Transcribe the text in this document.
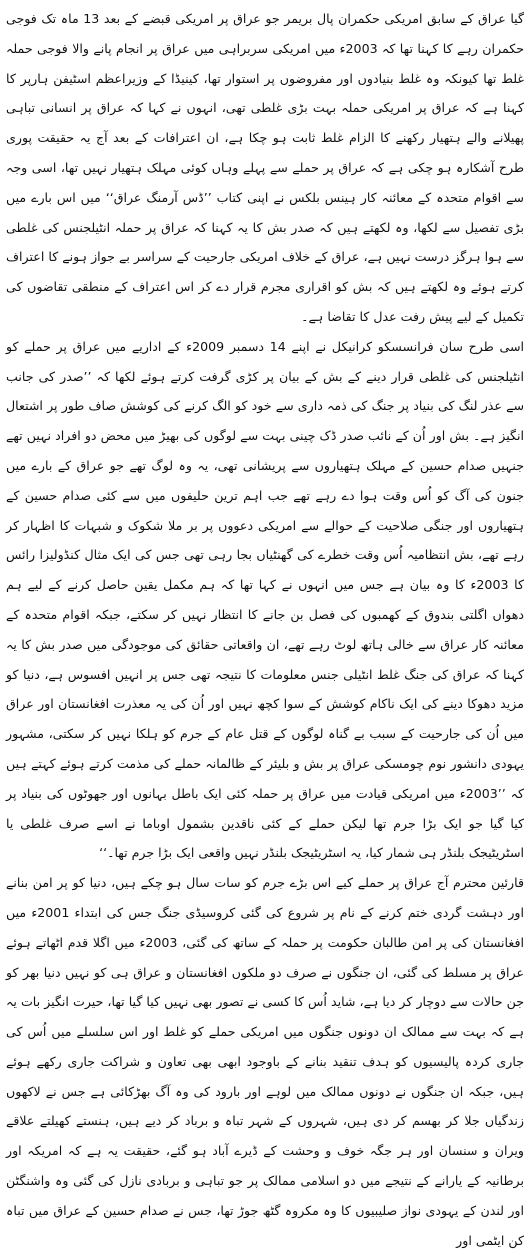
گیا عراق کے سابق امریکی حکمران پال بریمر جو عراق پر امریکی قبضے کے بعد 13 ماہ تک فوجی حکمران رہے کا کہنا تھا کہ 2003ء میں امریکی سربراہی میں عراق پر انجام پانے والا فوجی حملہ غلط تھا کیونکہ وہ غلط بنیادوں اور مفروضوں پر استوار تھا، کینیڈا کے وزیراعظم اسٹیفن ہارپر کا کہنا ہے کہ عراق پر امریکی حملہ بہت بڑی غلطی تھی، انہوں نے کہا کہ عراق پر انسانی تباہی پھیلانے والے ہتھیار رکھنے کا الزام غلط ثابت ہو چکا ہے، ان اعترافات کے بعد آج یہ حقیقت پوری طرح آشکارہ ہو چکی ہے کہ عراق پر حملے سے پہلے وہاں کوئی مہلک ہتھیار نہیں تھا، اسی وجہ سے اقوام متحدہ کے معائنہ کار ہینس بلکس نے اپنی کتاب ’’ڈس آرمنگ عراق‘‘ میں اس بارے میں بڑی تفصیل سے لکھا، وہ لکھتے ہیں کہ صدر بش کا یہ کہنا کہ عراق پر حملہ انٹیلجنس کی غلطی سے ہوا ہرگز درست نہیں ہے، عراق کے خلاف امریکی جارحیت کے سراسر بے جواز ہونے کا اعتراف کرتے ہوئے وہ لکھتے ہیں کہ بش کو اقراری مجرم قرار دے کر اس اعتراف کے منطقی تقاضوں کی تکمیل کے لیے پیش رفت عدل کا تقاضا ہے۔

اسی طرح سان فرانسسکو کرانیکل نے اپنے 14 دسمبر 2009ء کے اداریے میں عراق پر حملے کو انٹیلجنس کی غلطی قرار دینے کے بش کے بیان پر کڑی گرفت کرتے ہوئے لکھا کہ ’’صدر کی جانب سے عذر لنگ کی بنیاد پر جنگ کی ذمہ داری سے خود کو الگ کرنے کی کوشش صاف طور پر اشتعال انگیز ہے۔ بش اور اُن کے نائب صدر ڈک چینی بہت سے لوگوں کی بھیڑ میں محض دو افراد نہیں تھے جنہیں صدام حسین کے مہلک ہتھیاروں سے پریشانی تھی، یہ وہ لوگ تھے جو عراق کے بارے میں جنون کی آگ کو اُس وقت ہوا دے رہے تھے جب اہم ترین حلیفوں میں سے کئی صدام حسین کے ہتھیاروں اور جنگی صلاحیت کے حوالے سے امریکی دعووں پر بر ملا شکوک و شبہات کا اظہار کر رہے تھے، بش انتظامیہ اُس وقت خطرے کی گھنٹیاں بجا رہی تھی جس کی ایک مثال کنڈولیزا رائس کا 2003ء کا وہ بیان ہے جس میں انہوں نے کہا تھا کہ ہم مکمل یقین حاصل کرنے کے لیے ہم دھواں اگلتی بندوق کے کھمبوں کی فصل بن جانے کا انتظار نہیں کر سکتے، جبکہ اقوام متحدہ کے معائنہ کار عراق سے خالی ہاتھ لوٹ رہے تھے، ان واقعاتی حقائق کی موجودگی میں صدر بش کا یہ کہنا کہ عراق کی جنگ غلط انٹیلی جنس معلومات کا نتیجہ تھی جس پر انہیں افسوس ہے، دنیا کو مزید دھوکا دینے کی ایک ناکام کوشش کے سوا کچھ نہیں اور اُن کی یہ معذرت افغانستان اور عراق میں اُن کی جارحیت کے سبب بے گناہ لوگوں کے قتل عام کے جرم کو ہلکا نہیں کر سکتی، مشہور یہودی دانشور نوم چومسکی عراق پر بش و بلیئر کے ظالمانہ حملے کی مذمت کرتے ہوئے کہتے ہیں کہ ’’2003ء میں امریکی قیادت میں عراق پر حملہ کئی ایک باطل بہانوں اور جھوٹوں کی بنیاد پر کیا گیا جو ایک بڑا جرم تھا لیکن حملے کے کئی ناقدین بشمول اوباما نے اسے صرف غلطی یا اسٹریٹیجک بلنڈر ہی شمار کیا، یہ اسٹریٹیجک بلنڈر نہیں واقعی ایک بڑا جرم تھا۔‘‘

قارئین محترم آج عراق پر حملے کیے اس بڑے جرم کو سات سال ہو چکے ہیں، دنیا کو پر امن بنانے اور دہشت گردی ختم کرنے کے نام پر شروع کی گئی کروسیڈی جنگ جس کی ابتداء 2001ء میں افغانستان کی پر امن طالبان حکومت پر حملہ کے ساتھ کی گئی، 2003ء میں اگلا قدم اٹھاتے ہوئے عراق پر مسلط کی گئی، ان جنگوں نے صرف دو ملکوں افغانستان و عراق ہی کو نہیں دنیا بھر کو جن حالات سے دوچار کر دیا ہے، شاید اُس کا کسی نے تصور بھی نہیں کیا گیا تھا، حیرت انگیز بات یہ ہے کہ بہت سے ممالک ان دونوں جنگوں میں امریکی حملے کو غلط اور اس سلسلے میں اُس کی جاری کردہ پالیسیوں کو ہدف تنقید بنانے کے باوجود ابھی بھی تعاون و شراکت جاری رکھے ہوئے ہیں، جبکہ ان جنگوں نے دونوں ممالک میں لوہے اور بارود کی وہ آگ بھڑکائی ہے جس نے لاکھوں زندگیاں جلا کر بھسم کر دی ہیں، شہروں کے شہر تباہ و برباد کر دیے ہیں، ہنستے کھیلتے علاقے ویران و سنسان اور ہر جگہ خوف و وحشت کے ڈیرے آباد ہو گئے، حقیقت یہ ہے کہ امریکہ اور برطانیہ کے یارانے کے نتیجے میں دو اسلامی ممالک پر جو تباہی و بربادی نازل کی گئی وہ واشنگٹن اور لندن کے یہودی نواز صلیبیوں کا وہ مکروہ گٹھ جوڑ تھا، جس نے صدام حسین کے عراق میں تباہ کن ایٹمی اور
